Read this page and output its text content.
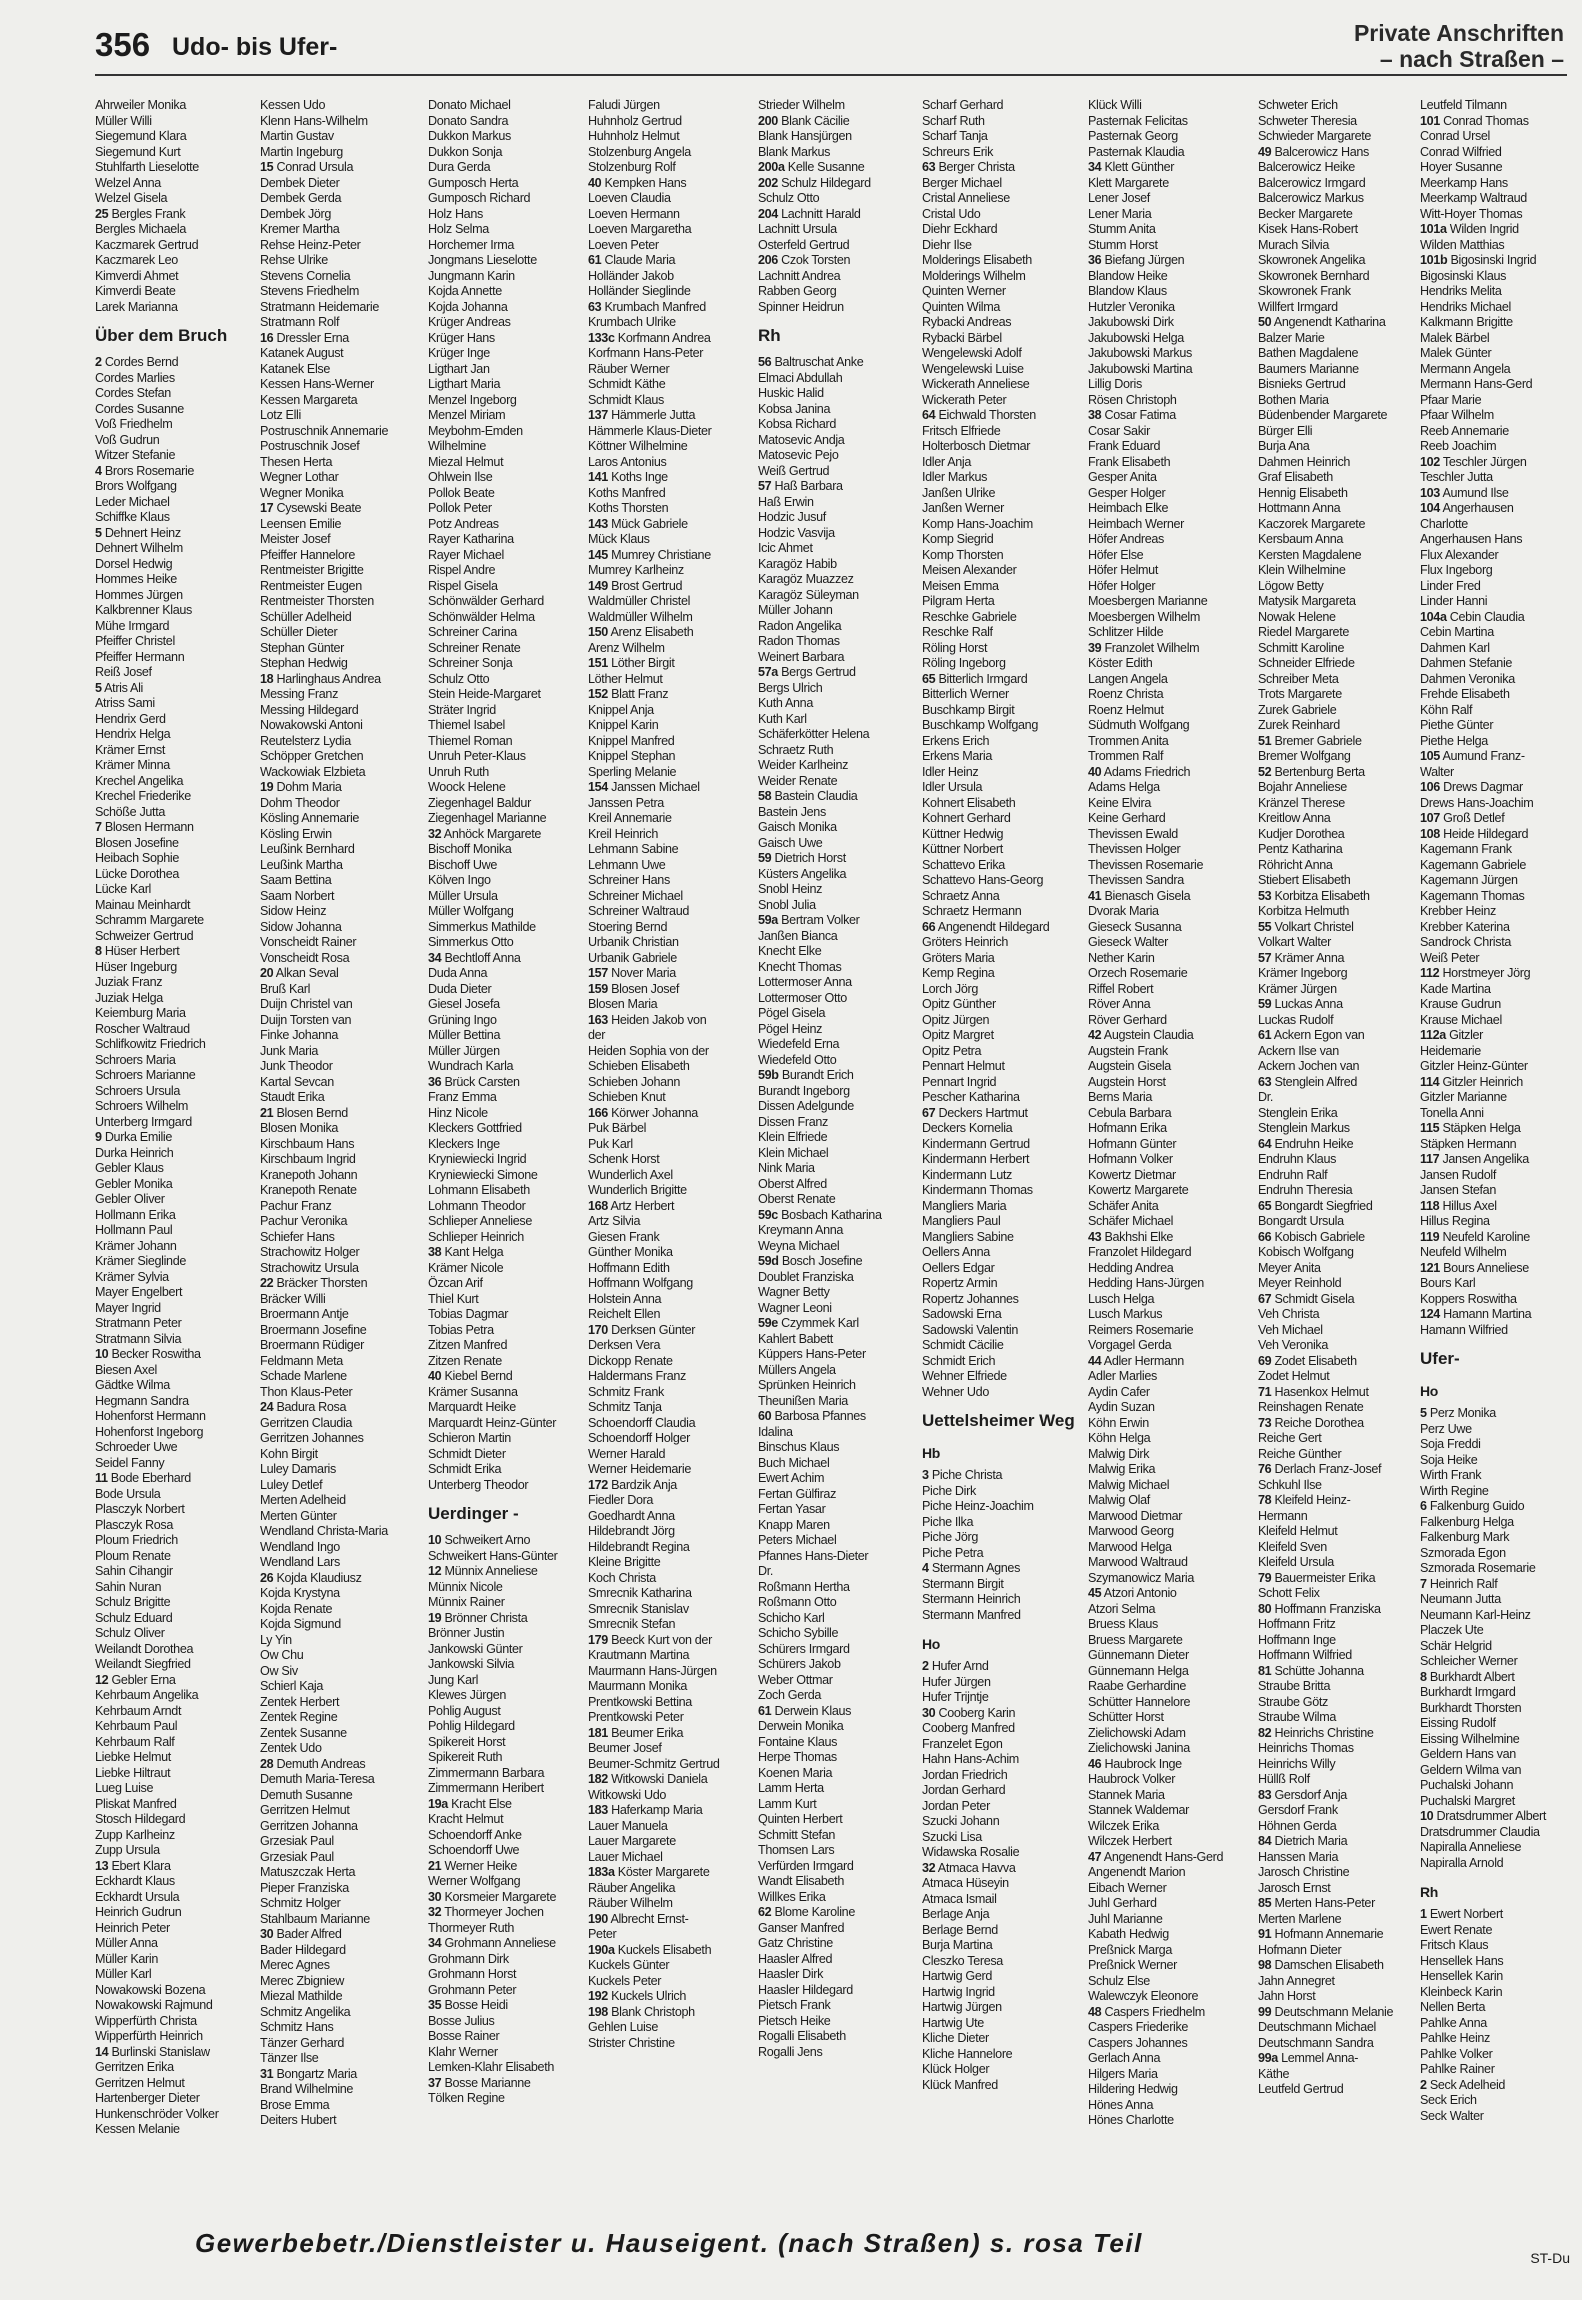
356 Udo- bis Ufer-	Private Anschriften
– nach Straßen –
Ahrweiler Monika
Müller Willi
Siegemund Klara
Siegemund Kurt
Stuhlfarth Lieselotte
Welzel Anna
Welzel Gisela
25 Bergles Frank
Bergles Michaela
Kaczmarek Gertrud
Kaczmarek Leo
Kimverdi Ahmet
Kimverdi Beate
Larek Marianna
Über dem Bruch
2 Cordes Bernd
Cordes Marlies
Cordes Stefan
Cordes Susanne
Voß Friedhelm
Voß Gudrun
Witzer Stefanie
4 Brors Rosemarie
Brors Wolfgang
Leder Michael
Schiffke Klaus
5 Dehnert Heinz
Dehnert Wilhelm
Dorsel Hedwig
Hommes Heike
Hommes Jürgen
Kalkbrenner Klaus
Mühe Irmgard
Pfeiffer Christel
Pfeiffer Hermann
Reiß Josef
5 Atris Ali
Atriss Sami
Hendrix Gerd
Hendrix Helga
Krämer Ernst
Krämer Minna
Krechel Angelika
Krechel Friederike
Schöße Jutta
7 Blosen Hermann
Blosen Josefine
Heibach Sophie
Lücke Dorothea
Lücke Karl
Mainau Meinhardt
Schramm Margarete
Schweizer Gertrud
8 Hüser Herbert
Hüser Ingeburg
Juziak Franz
Juziak Helga
Keiemburg Maria
Roscher Waltraud
Schlifkowitz Friedrich
Schroers Maria
Schroers Marianne
Schroers Ursula
Schroers Wilhelm
Unterberg Irmgard
9 Durka Emilie
Durka Heinrich
Gebler Klaus
Gebler Monika
Gebler Oliver
Hollmann Erika
Hollmann Paul
Krämer Johann
Krämer Sieglinde
Krämer Sylvia
Mayer Engelbert
Mayer Ingrid
Stratmann Peter
Stratmann Silvia
10 Becker Roswitha
Biesen Axel
Gädtke Wilma
Hegmann Sandra
Hohenforst Hermann
Hohenforst Ingeborg
Schroeder Uwe
Seidel Fanny
11 Bode Eberhard
Bode Ursula
Plasczyk Norbert
Plasczyk Rosa
Ploum Friedrich
Ploum Renate
Sahin Cihangir
Sahin Nuran
Schulz Brigitte
Schulz Eduard
Schulz Oliver
Weilandt Dorothea
Weilandt Siegfried
12 Gebler Erna
Kehrbaum Angelika
Kehrbaum Arndt
Kehrbaum Paul
Kehrbaum Ralf
Liebke Helmut
Liebke Hiltraut
Lueg Luise
Pliskat Manfred
Stosch Hildegard
Zupp Karlheinz
Zupp Ursula
13 Ebert Klara
Eckhardt Klaus
Eckhardt Ursula
Heinrich Gudrun
Heinrich Peter
Müller Anna
Müller Karin
Müller Karl
Nowakowski Bozena
Nowakowski Rajmund
Wipperfürth Christa
Wipperfürth Heinrich
14 Burlinski Stanislaw
Gerritzen Erika
Gerritzen Helmut
Hartenberger Dieter
Hunkenschröder Volker
Kessen Melanie
Kessen Udo
Klenn Hans-Wilhelm
Martin Gustav
Martin Ingeburg
15 Conrad Ursula
Dembek Dieter
Dembek Gerda
Dembek Jörg
Kremer Martha
Rehse Heinz-Peter
Rehse Ulrike
Stevens Cornelia
Stevens Friedhelm
Stratmann Heidemarie
Stratmann Rolf
16 Dressler Erna
Katanek August
Katanek Else
Kessen Hans-Werner
Kessen Margareta
Lotz Elli
Postruschnik Annemarie
Postruschnik Josef
Thesen Herta
Wegner Lothar
Wegner Monika
17 Cysewski Beate
Leensen Emilie
Meister Josef
Pfeiffer Hannelore
Rentmeister Brigitte
Rentmeister Eugen
Rentmeister Thorsten
Schüller Adelheid
Schüller Dieter
Stephan Günter
Stephan Hedwig
18 Harlinghaus Andrea
Messing Franz
Messing Hildegard
Nowakowski Antoni
Reutelsterz Lydia
Schöpper Gretchen
Wackowiak Elzbieta
19 Dohm Maria
Dohm Theodor
Kösling Annemarie
Kösling Erwin
Leußink Bernhard
Leußink Martha
Saam Bettina
Saam Norbert
Sidow Heinz
Sidow Johanna
Vonscheidt Rainer
Vonscheidt Rosa
20 Alkan Seval
Bruß Karl
Duijn Christel van
Duijn Torsten van
Finke Johanna
Junk Maria
Junk Theodor
Kartal Sevcan
Staudt Erika
21 Blosen Bernd
Blosen Monika
Kirschbaum Hans
Kirschbaum Ingrid
Kranepoth Johann
Kranepoth Renate
Pachur Franz
Pachur Veronika
Schiefer Hans
Strachowitz Holger
Strachowitz Ursula
22 Bräcker Thorsten
Bräcker Willi
Broermann Antje
Broermann Josefine
Broermann Rüdiger
Feldmann Meta
Schade Marlene
Thon Klaus-Peter
24 Badura Rosa
Gerritzen Claudia
Gerritzen Johannes
Kohn Birgit
Luley Damaris
Luley Detlef
Merten Adelheid
Merten Günter
Wendland Christa-Maria
Wendland Ingo
Wendland Lars
26 Kojda Klaudiusz
Kojda Krystyna
Kojda Renate
Kojda Sigmund
Ly Yin
Ow Chu
Ow Siv
Schierl Kaja
Zentek Herbert
Zentek Regine
Zentek Susanne
Zentek Udo
28 Demuth Andreas
Demuth Maria-Teresa
Demuth Susanne
Gerritzen Helmut
Gerritzen Johanna
Grzesiak Paul
Grzesiak Paul
Matuszczak Herta
Pieper Franziska
Schmitz Holger
Stahlbaum Marianne
30 Bader Alfred
Bader Hildegard
Merec Agnes
Merec Zbigniew
Miezal Mathilde
Schmitz Angelika
Schmitz Hans
Tänzer Gerhard
Tänzer Ilse
31 Bongartz Maria
Brand Wilhelmine
Brose Emma
Deiters Hubert
Donato Michael
Donato Sandra
Dukkon Markus
Dukkon Sonja
Dura Gerda
Gumposch Herta
Gumposch Richard
Holz Hans
Holz Selma
Horchemer Irma
Jongmans Lieselotte
Jungmann Karin
Kojda Annette
Kojda Johanna
Krüger Andreas
Krüger Hans
Krüger Inge
Ligthart Jan
Ligthart Maria
Menzel Ingeborg
Menzel Miriam
Meybohm-Emden
Wilhelmine
Miezal Helmut
Ohlwein Ilse
Pollok Beate
Pollok Peter
Potz Andreas
Rayer Katharina
Rayer Michael
Rispel Andre
Rispel Gisela
Schönwälder Gerhard
Schönwälder Helma
Schreiner Carina
Schreiner Renate
Schreiner Sonja
Schulz Otto
Stein Heide-Margaret
Sträter Ingrid
Thiemel Isabel
Thiemel Roman
Unruh Peter-Klaus
Unruh Ruth
Woock Helene
Ziegenhagel Baldur
Ziegenhagel Marianne
32 Anhöck Margarete
Bischoff Monika
Bischoff Uwe
Kölven Ingo
Müller Ursula
Müller Wolfgang
Simmerkus Mathilde
Simmerkus Otto
34 Bechtloff Anna
Duda Anna
Duda Dieter
Giesel Josefa
Grüning Ingo
Müller Bettina
Müller Jürgen
Wundrach Karla
36 Brück Carsten
Franz Emma
Hinz Nicole
Kleckers Gottfried
Kleckers Inge
Kryniewiecki Ingrid
Kryniewiecki Simone
Lohmann Elisabeth
Lohmann Theodor
Schlieper Anneliese
Schlieper Heinrich
38 Kant Helga
Krämer Nicole
Özcan Arif
Thiel Kurt
Tobias Dagmar
Tobias Petra
Zitzen Manfred
Zitzen Renate
40 Kiebel Bernd
Krämer Susanna
Marquardt Heike
Marquardt Heinz-Günter
Schieron Martin
Schmidt Dieter
Schmidt Erika
Unterberg Theodor
Uerdinger -
10 Schweikert Arno
Schweikert Hans-Günter
12 Münnix Anneliese
Münnix Nicole
Münnix Rainer
19 Brönner Christa
Brönner Justin
Jankowski Günter
Jankowski Silvia
Jung Karl
Klewes Jürgen
Pohlig August
Pohlig Hildegard
Spikereit Horst
Spikereit Ruth
Zimmermann Barbara
Zimmermann Heribert
19a Kracht Else
Kracht Helmut
Schoendorff Anke
Schoendorff Uwe
21 Werner Heike
Werner Wolfgang
30 Korsmeier Margarete
32 Thormeyer Jochen
Thormeyer Ruth
34 Grohmann Anneliese
Grohmann Dirk
Grohmann Horst
Grohmann Peter
35 Bosse Heidi
Bosse Julius
Bosse Rainer
Klahr Werner
Lemken-Klahr Elisabeth
37 Bosse Marianne
Tölken Regine
Faludi Jürgen
Huhnholz Gertrud
Huhnholz Helmut
Stolzenburg Angela
Stolzenburg Rolf
40 Kempken Hans
Loeven Claudia
Loeven Hermann
Loeven Margaretha
Loeven Peter
61 Claude Maria
Holländer Jakob
Holländer Sieglinde
63 Krumbach Manfred
Krumbach Ulrike
133c Korfmann Andrea
Korfmann Hans-Peter
Räuber Werner
Schmidt Käthe
Schmidt Klaus
137 Hämmerle Jutta
Hämmerle Klaus-Dieter
Köttner Wilhelmine
Laros Antonius
141 Koths Inge
Koths Manfred
Koths Thorsten
143 Mück Gabriele
Mück Klaus
145 Mumrey Christiane
Mumrey Karlheinz
149 Brost Gertrud
Waldmüller Christel
Waldmüller Wilhelm
150 Arenz Elisabeth
Arenz Wilhelm
151 Löther Birgit
Löther Helmut
152 Blatt Franz
Knippel Anja
Knippel Karin
Knippel Manfred
Knippel Stephan
Sperling Melanie
154 Janssen Michael
Janssen Petra
Kreil Annemarie
Kreil Heinrich
Lehmann Sabine
Lehmann Uwe
Schreiner Hans
Schreiner Michael
Schreiner Waltraud
Stoering Bernd
Urbanik Christian
Urbanik Gabriele
157 Nover Maria
159 Blosen Josef
Blosen Maria
163 Heiden Jakob von
der
Heiden Sophia von der
Schieben Elisabeth
Schieben Johann
Schieben Knut
166 Körwer Johanna
Puk Bärbel
Puk Karl
Schenk Horst
Wunderlich Axel
Wunderlich Brigitte
168 Artz Herbert
Artz Silvia
Giesen Frank
Günther Monika
Hoffmann Edith
Hoffmann Wolfgang
Holstein Anna
Reichelt Ellen
170 Derksen Günter
Derksen Vera
Dickopp Renate
Haldermans Franz
Schmitz Frank
Schmitz Tanja
Schoendorff Claudia
Schoendorff Holger
Werner Harald
Werner Heidemarie
172 Bardzik Anja
Fiedler Dora
Goedhardt Anna
Hildebrandt Jörg
Hildebrandt Regina
Kleine Brigitte
Koch Christa
Smrecnik Katharina
Smrecnik Stanislav
Smrecnik Stefan
179 Beeck Kurt von der
Krautmann Martina
Maurmann Hans-Jürgen
Maurmann Monika
Prentkowski Bettina
Prentkowski Peter
181 Beumer Erika
Beumer Josef
Beumer-Schmitz Gertrud
182 Witkowski Daniela
Witkowski Udo
183 Haferkamp Maria
Lauer Manuela
Lauer Margarete
Lauer Michael
183a Köster Margarete
Räuber Angelika
Räuber Wilhelm
190 Albrecht Ernst-
Peter
190a Kuckels Elisabeth
Kuckels Günter
Kuckels Peter
192 Kuckels Ulrich
198 Blank Christoph
Gehlen Luise
Strister Christine
Strieder Wilhelm
200 Blank Cäcilie
Blank Hansjürgen
Blank Markus
200a Kelle Susanne
202 Schulz Hildegard
Schulz Otto
204 Lachnitt Harald
Lachnitt Ursula
Osterfeld Gertrud
206 Czok Torsten
Lachnitt Andrea
Rabben Georg
Spinner Heidrun
Rh
56 Baltruschat Anke
Elmaci Abdullah
Huskic Halid
Kobsa Janina
Kobsa Richard
Matosevic Andja
Matosevic Pejo
Weiß Gertrud
57 Haß Barbara
Haß Erwin
Hodzic Jusuf
Hodzic Vasvija
Icic Ahmet
Karagöz Habib
Karagöz Muazzez
Karagöz Süleyman
Müller Johann
Radon Angelika
Radon Thomas
Weinert Barbara
57a Bergs Gertrud
Bergs Ulrich
Kuth Anna
Kuth Karl
Schäferkötter Helena
Schraetz Ruth
Weider Karlheinz
Weider Renate
58 Bastein Claudia
Bastein Jens
Gaisch Monika
Gaisch Uwe
59 Dietrich Horst
Küsters Angelika
Snobl Heinz
Snobl Julia
59a Bertram Volker
Janßen Bianca
Knecht Elke
Knecht Thomas
Lottermoser Anna
Lottermoser Otto
Pögel Gisela
Pögel Heinz
Wiedefeld Erna
Wiedefeld Otto
59b Burandt Erich
Burandt Ingeborg
Dissen Adelgunde
Dissen Franz
Klein Elfriede
Klein Michael
Nink Maria
Oberst Alfred
Oberst Renate
59c Bosbach Katharina
Kreymann Anna
Weyna Michael
59d Bosch Josefine
Doublet Franziska
Wagner Betty
Wagner Leoni
59e Czymmek Karl
Kahlert Babett
Küppers Hans-Peter
Müllers Angela
Sprünken Heinrich
Theunißen Maria
60 Barbosa Pfannes
Idalina
Binschus Klaus
Buch Michael
Ewert Achim
Fertan Gülfiraz
Fertan Yasar
Knapp Maren
Peters Michael
Pfannes Hans-Dieter
Dr.
Roßmann Hertha
Roßmann Otto
Schicho Karl
Schicho Sybille
Schürers Irmgard
Schürers Jakob
Weber Ottmar
Zoch Gerda
61 Derwein Klaus
Derwein Monika
Fontaine Klaus
Herpe Thomas
Koenen Maria
Lamm Herta
Lamm Kurt
Quinten Herbert
Schmitt Stefan
Thomsen Lars
Verfürden Irmgard
Wandt Elisabeth
Willkes Erika
62 Blome Karoline
Ganser Manfred
Gatz Christine
Haasler Alfred
Haasler Dirk
Haasler Hildegard
Pietsch Frank
Pietsch Heike
Rogalli Elisabeth
Rogalli Jens
Scharf Gerhard
Scharf Ruth
Scharf Tanja
Schreurs Erik
63 Berger Christa
Berger Michael
Cristal Anneliese
Cristal Udo
Diehr Eckhard
Diehr Ilse
Molderings Elisabeth
Molderings Wilhelm
Quinten Werner
Quinten Wilma
Rybacki Andreas
Rybacki Bärbel
Wengelewski Adolf
Wengelewski Luise
Wickerath Anneliese
Wickerath Peter
64 Eichwald Thorsten
Fritsch Elfriede
Holterbosch Dietmar
Idler Anja
Idler Markus
Janßen Ulrike
Janßen Werner
Komp Hans-Joachim
Komp Siegrid
Komp Thorsten
Meisen Alexander
Meisen Emma
Pilgram Herta
Reschke Gabriele
Reschke Ralf
Röling Horst
Röling Ingeborg
65 Bitterlich Irmgard
Bitterlich Werner
Buschkamp Birgit
Buschkamp Wolfgang
Erkens Erich
Erkens Maria
Idler Heinz
Idler Ursula
Kohnert Elisabeth
Kohnert Gerhard
Küttner Hedwig
Küttner Norbert
Schattevo Erika
Schattevo Hans-Georg
Schraetz Anna
Schraetz Hermann
66 Angenendt Hildegard
Gröters Heinrich
Gröters Maria
Kemp Regina
Lorch Jörg
Opitz Günther
Opitz Jürgen
Opitz Margret
Opitz Petra
Pennart Helmut
Pennart Ingrid
Pescher Katharina
67 Deckers Hartmut
Deckers Kornelia
Kindermann Gertrud
Kindermann Herbert
Kindermann Lutz
Kindermann Thomas
Mangliers Maria
Mangliers Paul
Mangliers Sabine
Oellers Anna
Oellers Edgar
Ropertz Armin
Ropertz Johannes
Sadowski Erna
Sadowski Valentin
Schmidt Cäcilie
Schmidt Erich
Wehner Elfriede
Wehner Udo
Uettelsheimer Weg
Hb
3 Piche Christa
Piche Dirk
Piche Heinz-Joachim
Piche Ilka
Piche Jörg
Piche Petra
4 Stermann Agnes
Stermann Birgit
Stermann Heinrich
Stermann Manfred
Ho
2 Hufer Arnd
Hufer Jürgen
Hufer Trijntje
30 Cooberg Karin
Cooberg Manfred
Franzelet Egon
Hahn Hans-Achim
Jordan Friedrich
Jordan Gerhard
Jordan Peter
Szucki Johann
Szucki Lisa
Widawska Rosalie
32 Atmaca Havva
Atmaca Hüseyin
Atmaca Ismail
Berlage Anja
Berlage Bernd
Burja Martina
Cleszko Teresa
Hartwig Gerd
Hartwig Ingrid
Hartwig Jürgen
Hartwig Ute
Kliche Dieter
Kliche Hannelore
Klück Holger
Klück Manfred
Klück Willi
Pasternak Felicitas
Pasternak Georg
Pasternak Klaudia
34 Klett Günther
Klett Margarete
Lener Josef
Lener Maria
Stumm Anita
Stumm Horst
36 Biefang Jürgen
Blandow Heike
Blandow Klaus
Hutzler Veronika
Jakubowski Dirk
Jakubowski Helga
Jakubowski Markus
Jakubowski Martina
Lillig Doris
Rösen Christoph
38 Cosar Fatima
Cosar Sakir
Frank Eduard
Frank Elisabeth
Gesper Anita
Gesper Holger
Heimbach Elke
Heimbach Werner
Höfer Andreas
Höfer Else
Höfer Helmut
Höfer Holger
Moesbergen Marianne
Moesbergen Wilhelm
Schlitzer Hilde
39 Franzolet Wilhelm
Köster Edith
Langen Angela
Roenz Christa
Roenz Helmut
Südmuth Wolfgang
Trommen Anita
Trommen Ralf
40 Adams Friedrich
Adams Helga
Keine Elvira
Keine Gerhard
Thevissen Ewald
Thevissen Holger
Thevissen Rosemarie
Thevissen Sandra
41 Bienasch Gisela
Dvorak Maria
Gieseck Susanna
Gieseck Walter
Nether Karin
Orzech Rosemarie
Riffel Robert
Röver Anna
Röver Gerhard
42 Augstein Claudia
Augstein Frank
Augstein Gisela
Augstein Horst
Berns Maria
Cebula Barbara
Hofmann Erika
Hofmann Günter
Hofmann Volker
Kowertz Dietmar
Kowertz Margarete
Schäfer Anita
Schäfer Michael
43 Bakhshi Elke
Franzolet Hildegard
Hedding Andrea
Hedding Hans-Jürgen
Lusch Helga
Lusch Markus
Reimers Rosemarie
Vorgagel Gerda
44 Adler Hermann
Adler Marlies
Aydin Cafer
Aydin Suzan
Köhn Erwin
Köhn Helga
Malwig Dirk
Malwig Erika
Malwig Michael
Malwig Olaf
Marwood Dietmar
Marwood Georg
Marwood Helga
Marwood Waltraud
Szymanowicz Maria
45 Atzori Antonio
Atzori Selma
Bruess Klaus
Bruess Margarete
Günnemann Dieter
Günnemann Helga
Raabe Gerhardine
Schütter Hannelore
Schütter Horst
Zielichowski Adam
Zielichowski Janina
46 Haubrock Inge
Haubrock Volker
Stannek Maria
Stannek Waldemar
Wilczek Erika
Wilczek Herbert
47 Angenendt Hans-Gerd
Angenendt Marion
Eibach Werner
Juhl Gerhard
Juhl Marianne
Kabath Hedwig
Preßnick Marga
Preßnick Werner
Schulz Else
Walewczyk Eleonore
48 Caspers Friedhelm
Caspers Friederike
Caspers Johannes
Gerlach Anna
Hilgers Maria
Hildering Hedwig
Hönes Anna
Hönes Charlotte
Schweter Erich
Schweter Theresia
Schwieder Margarete
49 Balcerowicz Hans
Balcerowicz Heike
Balcerowicz Irmgard
Balcerowicz Markus
Becker Margarete
Kisek Hans-Robert
Murach Silvia
Skowronek Angelika
Skowronek Bernhard
Skowronek Frank
Willfert Irmgard
50 Angenendt Katharina
Balzer Marie
Bathen Magdalene
Baumers Marianne
Bisnieks Gertrud
Bothen Maria
Büdenbender Margarete
Bürger Elli
Burja Ana
Dahmen Heinrich
Graf Elisabeth
Hennig Elisabeth
Hottmann Anna
Kaczorek Margarete
Kersbaum Anna
Kersten Magdalene
Klein Wilhelmine
Lögow Betty
Matysik Margareta
Nowak Helene
Riedel Margarete
Schmitt Karoline
Schneider Elfriede
Schreiber Meta
Trots Margarete
Zurek Gabriele
Zurek Reinhard
51 Bremer Gabriele
Bremer Wolfgang
52 Bertenburg Berta
Bojahr Anneliese
Kränzel Therese
Kreitlow Anna
Kudjer Dorothea
Pentz Katharina
Röhricht Anna
Stiebert Elisabeth
53 Korbitza Elisabeth
Korbitza Helmuth
55 Volkart Christel
Volkart Walter
57 Krämer Anna
Krämer Ingeborg
Krämer Jürgen
59 Luckas Anna
Luckas Rudolf
61 Ackern Egon van
Ackern Ilse van
Ackern Jochen van
63 Stenglein Alfred
Dr.
Stenglein Erika
Stenglein Markus
64 Endruhn Heike
Endruhn Klaus
Endruhn Ralf
Endruhn Theresia
65 Bongardt Siegfried
Bongardt Ursula
66 Kobisch Gabriele
Kobisch Wolfgang
Meyer Anita
Meyer Reinhold
67 Schmidt Gisela
Veh Christa
Veh Michael
Veh Veronika
69 Zodet Elisabeth
Zodet Helmut
71 Hasenkox Helmut
Reinshagen Renate
73 Reiche Dorothea
Reiche Gert
Reiche Günther
76 Derlach Franz-Josef
Schkuhl Ilse
78 Kleifeld Heinz-
Hermann
Kleifeld Helmut
Kleifeld Sven
Kleifeld Ursula
79 Bauermeister Erika
Schott Felix
80 Hoffmann Franziska
Hoffmann Fritz
Hoffmann Inge
Hoffmann Wilfried
81 Schütte Johanna
Straube Britta
Straube Götz
Straube Wilma
82 Heinrichs Christine
Heinrichs Thomas
Heinrichs Willy
Hüllß Rolf
83 Gersdorf Anja
Gersdorf Frank
Höhnen Gerda
84 Dietrich Maria
Hanssen Maria
Jarosch Christine
Jarosch Ernst
85 Merten Hans-Peter
Merten Marlene
91 Hofmann Annemarie
Hofmann Dieter
98 Damschen Elisabeth
Jahn Annegret
Jahn Horst
99 Deutschmann Melanie
Deutschmann Michael
Deutschmann Sandra
99a Lemmel Anna-
Käthe
Leutfeld Gertrud
Leutfeld Tilmann
101 Conrad Thomas
Conrad Ursel
Conrad Wilfried
Hoyer Susanne
Meerkamp Hans
Meerkamp Waltraud
Witt-Hoyer Thomas
101a Wilden Ingrid
Wilden Matthias
101b Bigosinski Ingrid
Bigosinski Klaus
Hendriks Melita
Hendriks Michael
Kalkmann Brigitte
Malek Bärbel
Malek Günter
Mermann Angela
Mermann Hans-Gerd
Pfaar Marie
Pfaar Wilhelm
Reeb Annemarie
Reeb Joachim
102 Teschler Jürgen
Teschler Jutta
103 Aumund Ilse
104 Angerhausen
Charlotte
Angerhausen Hans
Flux Alexander
Flux Ingeborg
Linder Fred
Linder Hanni
104a Cebin Claudia
Cebin Martina
Dahmen Karl
Dahmen Stefanie
Dahmen Veronika
Frehde Elisabeth
Köhn Ralf
Piethe Günter
Piethe Helga
105 Aumund Franz-
Walter
106 Drews Dagmar
Drews Hans-Joachim
107 Groß Detlef
108 Heide Hildegard
Kagemann Frank
Kagemann Gabriele
Kagemann Jürgen
Kagemann Thomas
Krebber Heinz
Krebber Katerina
Sandrock Christa
Weiß Peter
112 Horstmeyer Jörg
Kade Martina
Krause Gudrun
Krause Michael
112a Gitzler
Heidemarie
Gitzler Heinz-Günter
114 Gitzler Heinrich
Gitzler Marianne
Tonella Anni
115 Stäpken Helga
Stäpken Hermann
117 Jansen Angelika
Jansen Rudolf
Jansen Stefan
118 Hillus Axel
Hillus Regina
119 Neufeld Karoline
Neufeld Wilhelm
121 Bours Anneliese
Bours Karl
Koppers Roswitha
124 Hamann Martina
Hamann Wilfried
Ufer-
Ho
5 Perz Monika
Perz Uwe
Soja Freddi
Soja Heike
Wirth Frank
Wirth Regine
6 Falkenburg Guido
Falkenburg Helga
Falkenburg Mark
Szmorada Egon
Szmorada Rosemarie
7 Heinrich Ralf
Neumann Jutta
Neumann Karl-Heinz
Placzek Ute
Schär Helgrid
Schleicher Werner
8 Burkhardt Albert
Burkhardt Irmgard
Burkhardt Thorsten
Eissing Rudolf
Eissing Wilhelmine
Geldern Hans van
Geldern Wilma van
Puchalski Johann
Puchalski Margret
10 Dratsdrummer Albert
Dratsdrummer Claudia
Napiralla Anneliese
Napiralla Arnold
Rh
1 Ewert Norbert
Ewert Renate
Fritsch Klaus
Hensellek Hans
Hensellek Karin
Kleinbeck Karin
Nellen Berta
Pahlke Anna
Pahlke Heinz
Pahlke Volker
Pahlke Rainer
2 Seck Adelheid
Seck Erich
Seck Walter
Gewerbebetr./Dienstleister u. Hauseigent. (nach Straßen) s. rosa Teil	ST-Du
